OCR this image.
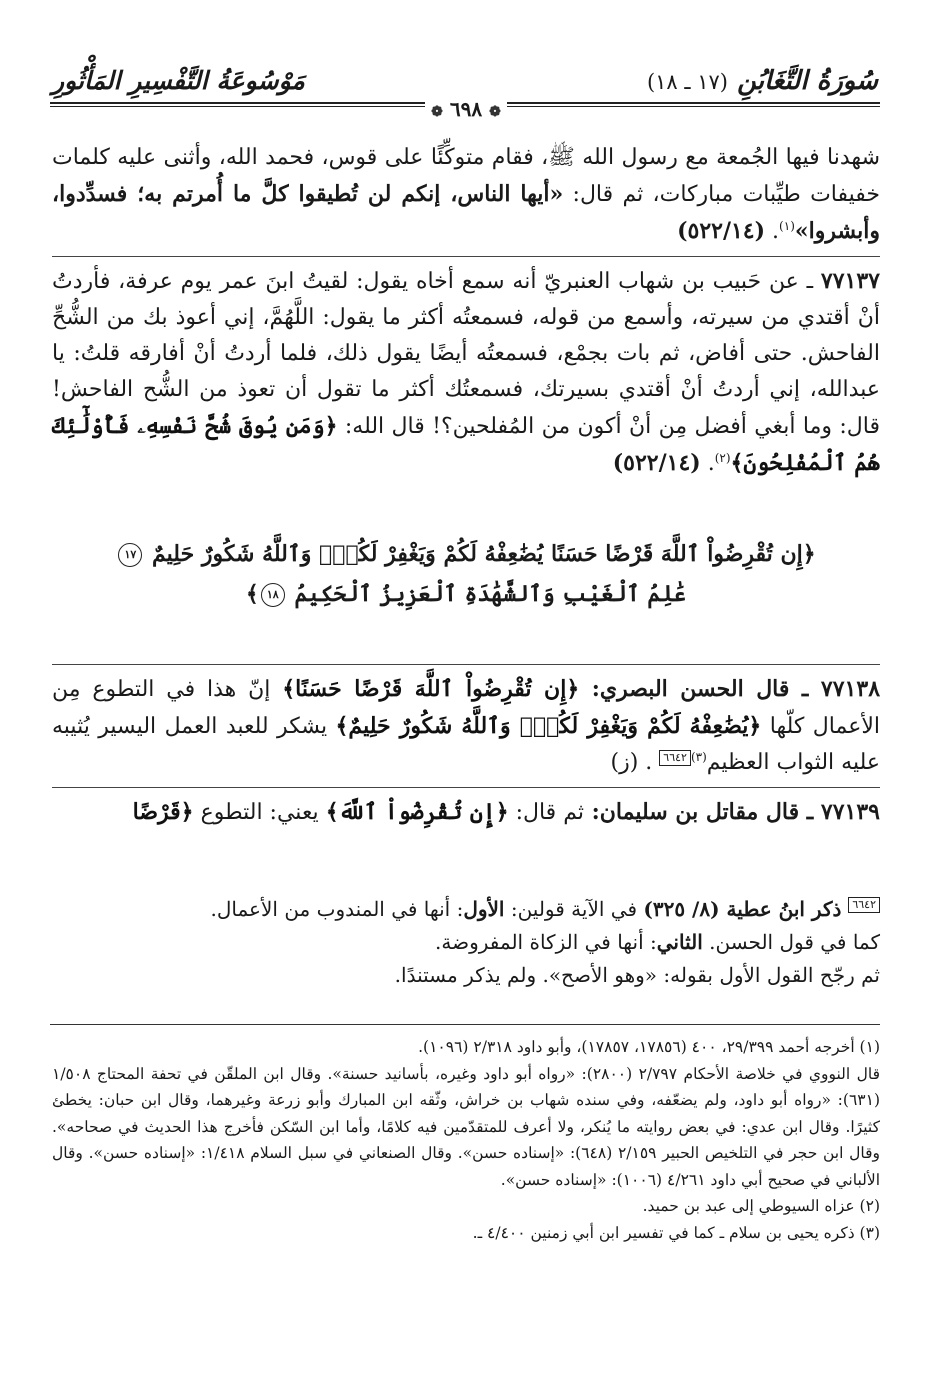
سُورَةُ التَّغَابُنِ (١٧ ـ ١٨)
مَوْسُوعَةُ التَّفْسِيرِ المَأْثُورِ
❁ ٦٩٨ ❁

شهدنا فيها الجُمعة مع رسول الله ﷺ، فقام متوكِّئًا على قوس، فحمد الله، وأثنى عليه كلمات خفيفات طيِّبات مباركات، ثم قال: «أيها الناس، إنكم لن تُطيقوا كلَّ ما أُمرتم به؛ فسدِّدوا، وأبشروا»$^{(١)}$. (٥٢٢/١٤)

٧٧١٣٧ ـ عن حَبيب بن شهاب العنبريّ أنه سمع أخاه يقول: لقيتُ ابنَ عمر يوم عرفة، فأردتُ أنْ أقتدي من سيرته، وأسمع من قوله، فسمعتُه أكثر ما يقول: اللَّهُمَّ، إني أعوذ بك من الشُّحِّ الفاحش. حتى أفاض، ثم بات بجمْع، فسمعتُه أيضًا يقول ذلك، فلما أردتُ أنْ أفارقه قلتُ: يا عبدالله، إني أردتُ أنْ أقتدي بسيرتك، فسمعتُك أكثر ما تقول أن تعوذ من الشُّح الفاحش! قال: وما أبغي أفضل مِن أنْ أكون من المُفلحين؟! قال الله: ﴿وَمَن يُوقَ شُحَّ نَفْسِهِۦ فَأُوْلَٰٓئِكَ هُمُ ٱلْمُفْلِحُونَ﴾$^{(٢)}$. (٥٢٢/١٤)

﴿إِن تُقْرِضُواْ ٱللَّهَ قَرْضًا حَسَنًا يُضَٰعِفْهُ لَكُمْ وَيَغْفِرْ لَكُمْۚ وَٱللَّهُ شَكُورٌ حَلِيمٌ ١٧
عَٰلِمُ ٱلْغَيْبِ وَٱلشَّهَٰدَةِ ٱلْعَزِيزُ ٱلْحَكِيمُ ١٨﴾

٧٧١٣٨ ـ قال الحسن البصري: ﴿إِن تُقْرِضُواْ ٱللَّهَ قَرْضًا حَسَنًا﴾ إنّ هذا في التطوع مِن الأعمال كلّها ﴿يُضَٰعِفْهُ لَكُمْ وَيَغْفِرْ لَكُمْۚ وَٱللَّهُ شَكُورٌ حَلِيمٌ﴾ يشكر للعبد العمل اليسير يُثيبه عليه الثواب العظيم$^{(٣)}$٦٦٤٢ . (ز)

٧٧١٣٩ ـ قال مقاتل بن سليمان: ثم قال: ﴿إِن تُقْرِضُواْ ٱللَّهَ﴾ يعني: التطوع ﴿قَرْضًا

٦٦٤٢ ذكر ابنُ عطية (٨/ ٣٢٥) في الآية قولين: الأول: أنها في المندوب من الأعمال.

كما في قول الحسن. الثاني: أنها في الزكاة المفروضة.

ثم رجّح القول الأول بقوله: «وهو الأصح». ولم يذكر مستندًا.

(١) أخرجه أحمد ٢٩/٣٩٩، ٤٠٠ (١٧٨٥٦، ١٧٨٥٧)، وأبو داود ٢/٣١٨ (١٠٩٦).

قال النووي في خلاصة الأحكام ٢/٧٩٧ (٢٨٠٠): «رواه أبو داود وغيره، بأسانيد حسنة». وقال ابن الملقّن في تحفة المحتاج ١/٥٠٨ (٦٣١): «رواه أبو داود، ولم يضعّفه، وفي سنده شهاب بن خراش، وثّقه ابن المبارك وأبو زرعة وغيرهما، وقال ابن حبان: يخطئ كثيرًا. وقال ابن عدي: في بعض روايته ما يُنكر، ولا أعرف للمتقدّمين فيه كلامًا، وأما ابن السّكن فأخرج هذا الحديث في صحاحه». وقال ابن حجر في التلخيص الحبير ٢/١٥٩ (٦٤٨): «إسناده حسن». وقال الصنعاني في سبل السلام ١/٤١٨: «إسناده حسن». وقال الألباني في صحيح أبي داود ٤/٢٦١ (١٠٠٦): «إسناده حسن».

(٢) عزاه السيوطي إلى عبد بن حميد.

(٣) ذكره يحيى بن سلام ـ كما في تفسير ابن أبي زمنين ٤/٤٠٠ ـ.
